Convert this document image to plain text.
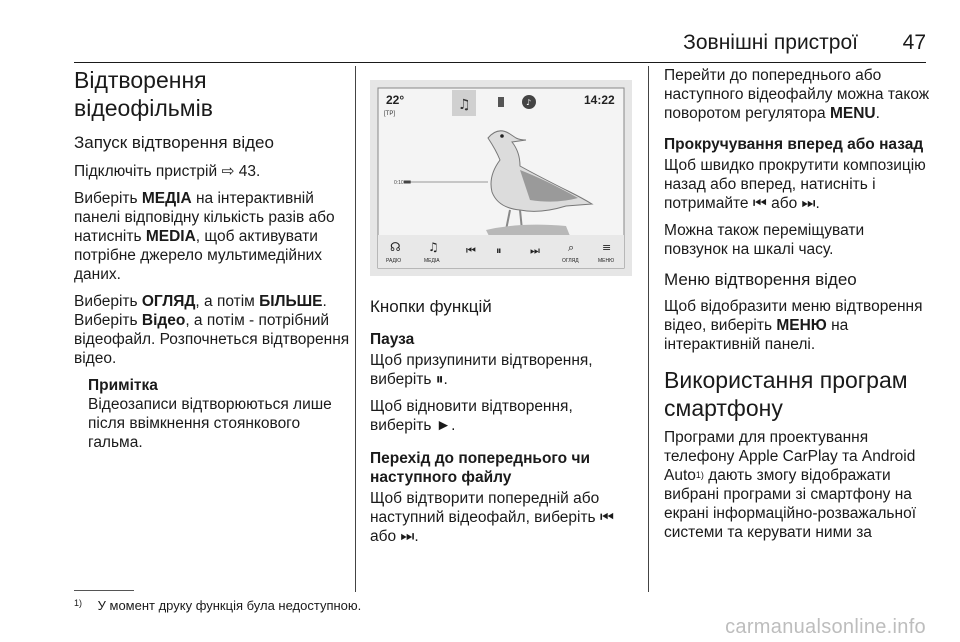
Зовнішні пристрої 47
Відтворення відеофільмів
Запуск відтворення відео
Підключіть пристрій ⇨ 43.
Виберіть МЕДІА на інтерактивній панелі відповідну кількість разів або натисніть MEDIA, щоб активувати потрібне джерело мультимедійних даних.
Виберіть ОГЛЯД, а потім БІЛЬШЕ. Виберіть Відео, а потім - потрібний відеофайл. Розпочнеться відтворення відео.
Примітка
Відеозаписи відтворюються лише після ввімкнення стоянкового гальма.
22°
[TP]
14:22
♫	♪
0:10
☊
РАДІО
♫
МЕДІА
⏮ ⏸	⏭	⌕
ОГЛЯД
≡
МЕНЮ
Кнопки функцій
Пауза
Щоб призупинити відтворення, виберіть ⏸.
Щоб відновити відтворення, виберіть ►.
Перехід до попереднього чи наступного файлу
Щоб відтворити попередній або наступний відеофайл, виберіть ⏮ або ⏭.
Перейти до попереднього або наступного відеофайлу можна також поворотом регулятора MENU.
Прокручування вперед або назад
Щоб швидко прокрутити композицію назад або вперед, натисніть і потримайте ⏮ або ⏭.
Можна також переміщувати повзунок на шкалі часу.
Меню відтворення відео
Щоб відобразити меню відтворення відео, виберіть МЕНЮ на інтерактивній панелі.
Використання програм смартфону
Програми для проектування телефону Apple CarPlay та Android Auto$^{1)}$ дають змогу відображати вибрані програми зі смартфону на екрані інформаційно-розважальної системи та керувати ними за
$^{1)}$ У момент друку функція була недоступною.
carmanualsonline.info
